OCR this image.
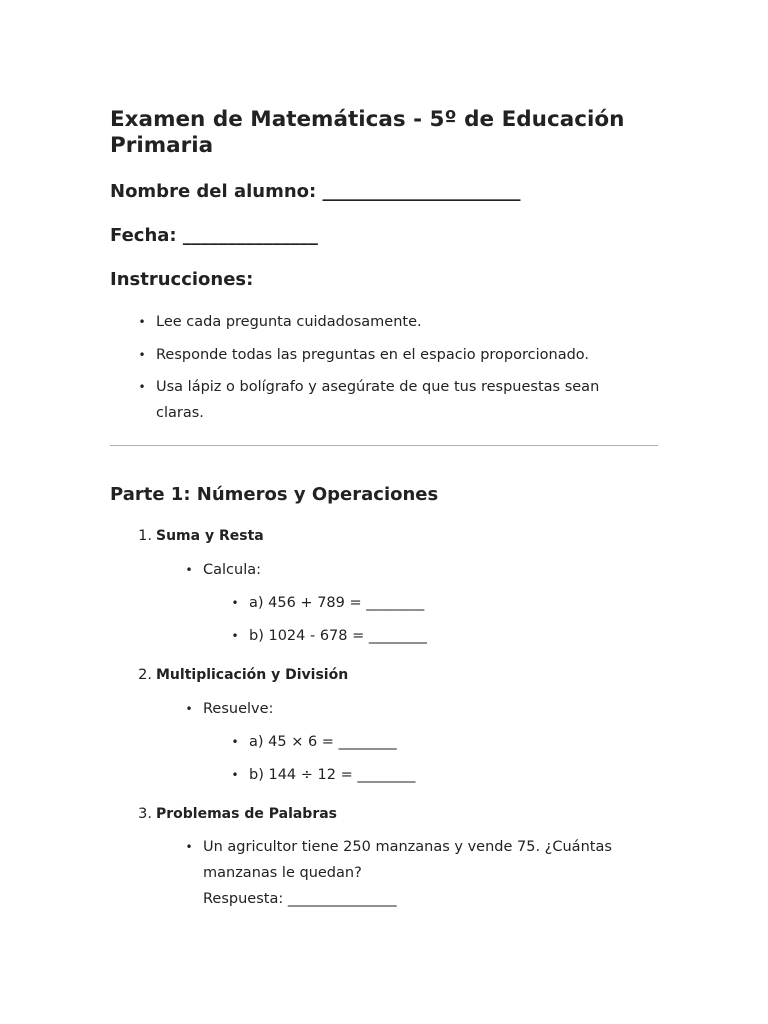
Examen de Matemáticas - 5º de Educación Primaria
Nombre del alumno: ______________________
Fecha: _______________
Instrucciones:
• Lee cada pregunta cuidadosamente.
• Responde todas las preguntas en el espacio proporcionado.
• Usa lápiz o bolígrafo y asegúrate de que tus respuestas sean claras.
Parte 1: Números y Operaciones
1. Suma y Resta
• Calcula:
• a) 456 + 789 = ________
• b) 1024 - 678 = ________
2. Multiplicación y División
• Resuelve:
• a) 45 × 6 = ________
• b) 144 ÷ 12 = ________
3. Problemas de Palabras
• Un agricultor tiene 250 manzanas y vende 75. ¿Cuántas manzanas le quedan?
Respuesta: _______________
